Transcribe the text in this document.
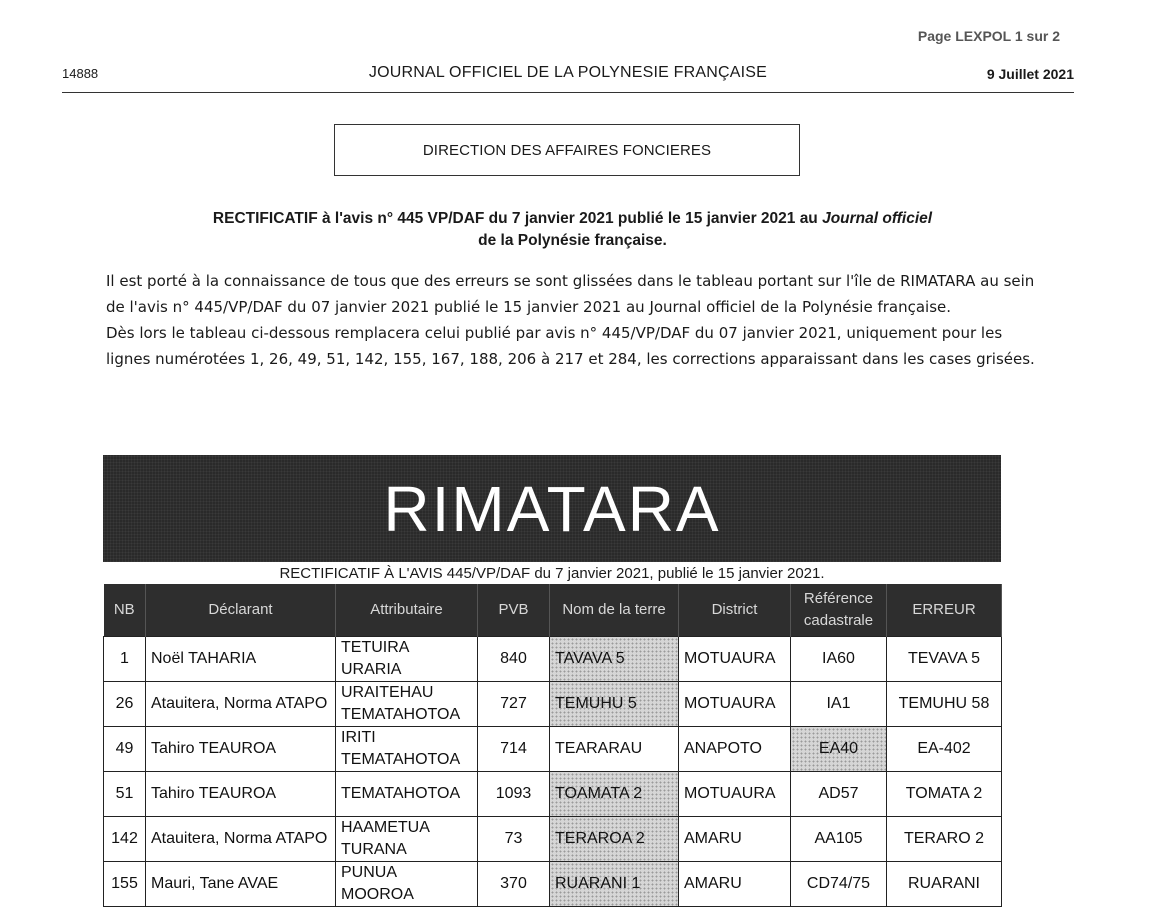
Page LEXPOL 1 sur 2
14888	JOURNAL OFFICIEL DE LA POLYNESIE FRANÇAISE	9 Juillet 2021
DIRECTION DES AFFAIRES FONCIERES
RECTIFICATIF à l'avis n° 445 VP/DAF du 7 janvier 2021 publié le 15 janvier 2021 au Journal officiel
de la Polynésie française.

Il est porté à la connaissance de tous que des erreurs se sont glissées dans le tableau portant sur l'île de RIMATARA au sein de l'avis n° 445/VP/DAF du 07 janvier 2021 publié le 15 janvier 2021 au Journal officiel de la Polynésie française.

Dès lors le tableau ci-dessous remplacera celui publié par avis n° 445/VP/DAF du 07 janvier 2021, uniquement pour les lignes numérotées 1, 26, 49, 51, 142, 155, 167, 188, 206 à 217 et 284, les corrections apparaissant dans les cases grisées.

RIMATARA
RECTIFICATIF À L'AVIS 445/VP/DAF du 7 janvier 2021, publié le 15 janvier 2021.
NB	Déclarant	Attributaire	PVB	Nom de la terre	District	Référence cadastrale	ERREUR
1	Noël TAHARIA	TETUIRA URARIA	840	TAVAVA 5	MOTUAURA	IA60	TEVAVA 5
26	Atauitera, Norma ATAPO	URAITEHAU TEMATAHOTOA	727	TEMUHU 5	MOTUAURA	IA1	TEMUHU 58
49	Tahiro TEAUROA	IRITI TEMATAHOTOA	714	TEARARAU	ANAPOTO	EA40	EA-402
51	Tahiro TEAUROA	TEMATAHOTOA	1093	TOAMATA 2	MOTUAURA	AD57	TOMATA 2
142	Atauitera, Norma ATAPO	HAAMETUA TURANA	73	TERAROA 2	AMARU	AA105	TERARO 2
155	Mauri, Tane AVAE	PUNUA MOOROA	370	RUARANI 1	AMARU	CD74/75	RUARANI
